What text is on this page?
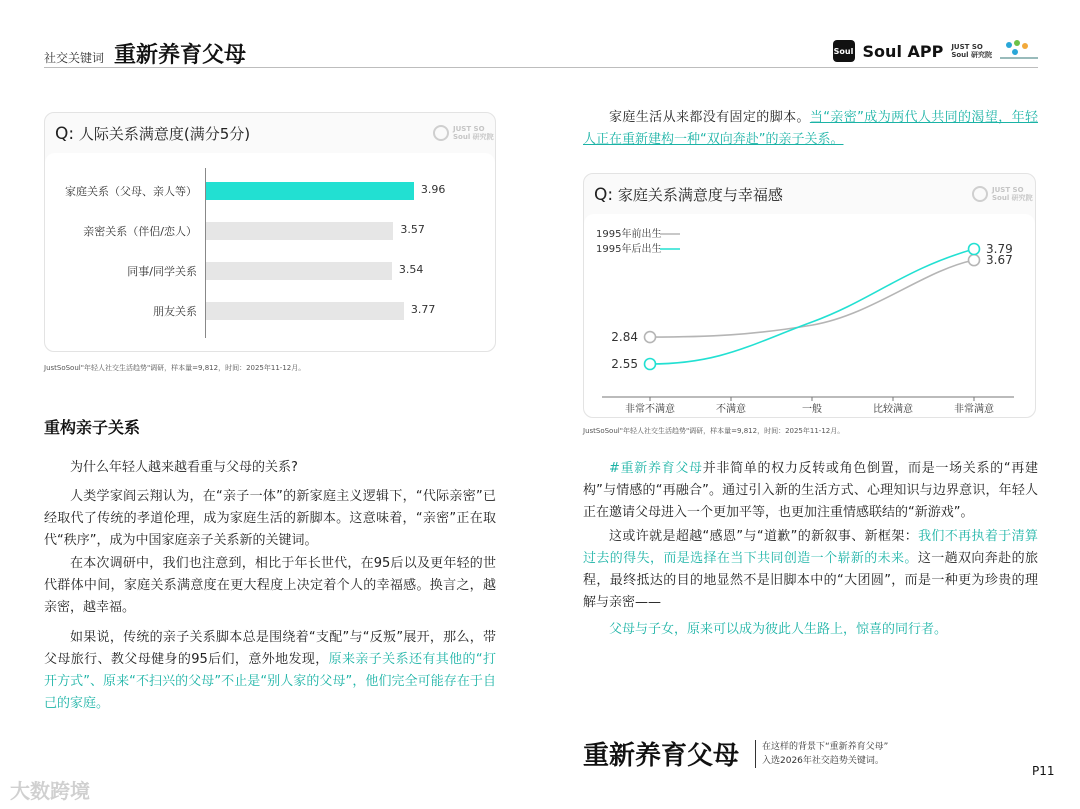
社交关键词 重新养育父母	Soul Soul APP JUST SO
Soul 研究院
Q: 人际关系满意度(满分5分)	JUST SO
Soul 研究院
家庭关系（父母、亲人等）	3.96
亲密关系（伴侣/恋人）	3.57
同事/同学关系	3.54
朋友关系	3.77
JustSoSoul"年轻人社交生活趋势"调研，样本量=9,812，时间：2025年11-12月。
重构亲子关系
为什么年轻人越来越看重与父母的关系?
人类学家阎云翔认为，在“亲子一体”的新家庭主义逻辑下，“代际亲密”已经取代了传统的孝道伦理，成为家庭生活的新脚本。这意味着，“亲密”正在取代“秩序”，成为中国家庭亲子关系新的关键词。
在本次调研中，我们也注意到，相比于年长世代，在95后以及更年轻的世代群体中间，家庭关系满意度在更大程度上决定着个人的幸福感。换言之，越亲密，越幸福。
如果说，传统的亲子关系脚本总是围绕着“支配”与“反叛”展开，那么，带父母旅行、教父母健身的95后们，意外地发现，原来亲子关系还有其他的“打开方式”、原来“不扫兴的父母”不止是“别人家的父母”，他们完全可能存在于自己的家庭。
家庭生活从来都没有固定的脚本。当“亲密”成为两代人共同的渴望，年轻人正在重新建构一种“双向奔赴”的亲子关系。
Q: 家庭关系满意度与幸福感	JUST SO
Soul 研究院
非常不满意	不满意	一般	比较满意	非常满意
2.84
3.67
1995年前出生
2.55
3.79
1995年后出生
JustSoSoul"年轻人社交生活趋势"调研，样本量=9,812，时间：2025年11-12月。
#重新养育父母并非简单的权力反转或角色倒置，而是一场关系的“再建构”与情感的“再融合”。通过引入新的生活方式、心理知识与边界意识，年轻人正在邀请父母进入一个更加平等，也更加注重情感联结的“新游戏”。
这或许就是超越“感恩”与“道歉”的新叙事、新框架：我们不再执着于清算过去的得失，而是选择在当下共同创造一个崭新的未来。这一趟双向奔赴的旅程，最终抵达的目的地显然不是旧脚本中的“大团圆”，而是一种更为珍贵的理解与亲密——
父母与子女，原来可以成为彼此人生路上，惊喜的同行者。
重新养育父母	在这样的背景下“重新养育父母”
入选2026年社交趋势关键词。
P11
大数跨境
